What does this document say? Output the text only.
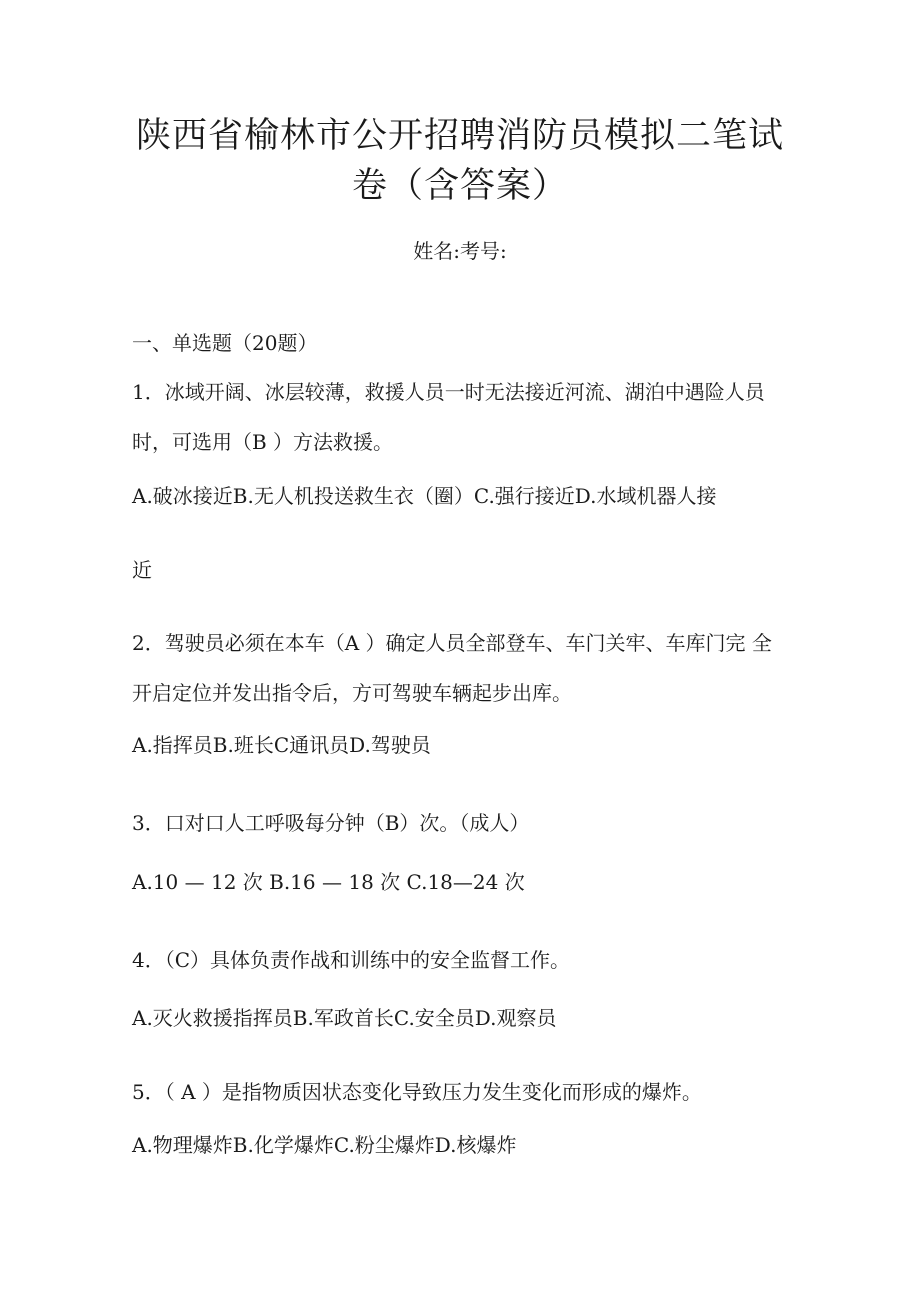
陕西省榆林市公开招聘消防员模拟二笔试
卷（含答案）
姓名:考号:
一、单选题（20题）
1．冰域开阔、冰层较薄，救援人员一时无法接近河流、湖泊中遇险人员
时，可选用（B ）方法救援。
A.破冰接近B.无人机投送救生衣（圈）C.强行接近D.水域机器人接
近
2．驾驶员必须在本车（A ）确定人员全部登车、车门关牢、车库门完 全
开启定位并发出指令后，方可驾驶车辆起步出库。
A.指挥员B.班长C通讯员D.驾驶员
3．口对口人工呼吸每分钟（B）次。（成人）
A.10 — 12 次 B.16 — 18 次 C.18—24 次
4．（C）具体负责作战和训练中的安全监督工作。
A.灭火救援指挥员B.军政首长C.安全员D.观察员
5．（ A ）是指物质因状态变化导致压力发生变化而形成的爆炸。
A.物理爆炸B.化学爆炸C.粉尘爆炸D.核爆炸
